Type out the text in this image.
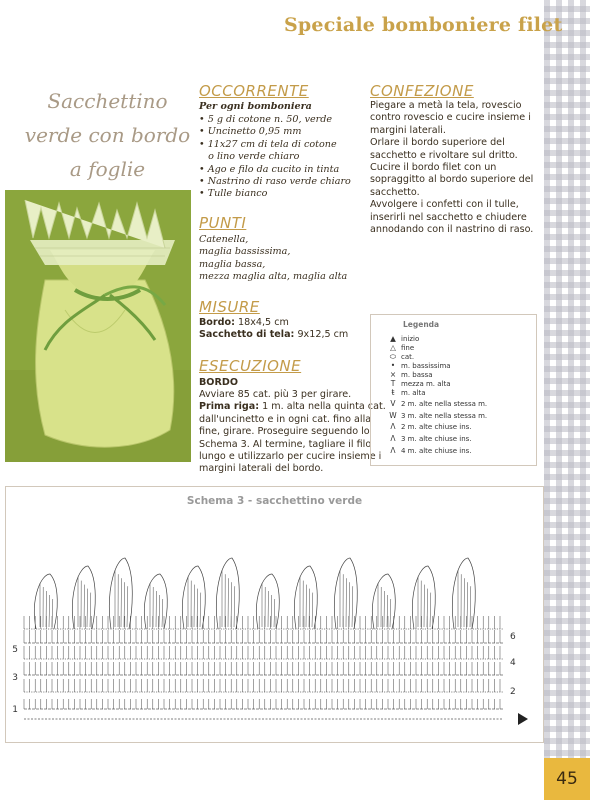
45
Speciale bomboniere filet
Sacchettino
verde con bordo
a foglie
OCCORRENTE
Per ogni bomboniera
• 5 g di cotone n. 50, verde
• Uncinetto 0,95 mm
• 11x27 cm di tela di cotone
o lino verde chiaro
• Ago e filo da cucito in tinta
• Nastrino di raso verde chiaro
• Tulle bianco
PUNTI
Catenella,
maglia bassissima,
maglia bassa,
mezza maglia alta, maglia alta
MISURE
Bordo: 18x4,5 cm
Sacchetto di tela: 9x12,5 cm
ESECUZIONE
BORDO
Avviare 85 cat. più 3 per girare.
Prima riga: 1 m. alta nella quinta cat.
dall'uncinetto e in ogni cat. fino alla
fine, girare. Proseguire seguendo lo
Schema 3. Al termine, tagliare il filo
lungo e utilizzarlo per cucire insieme i
margini laterali del bordo.
CONFEZIONE
Piegare a metà la tela, rovescio
contro rovescio e cucire insieme i
margini laterali.
Orlare il bordo superiore del
sacchetto e rivoltare sul dritto.
Cucire il bordo filet con un
sopraggitto al bordo superiore del
sacchetto.
Avvolgere i confetti con il tulle,
inserirli nel sacchetto e chiudere
annodando con il nastrino di raso.
Legenda
▲ inizio
△ fine
⬭ cat.
• m. bassissima
× m. bassa
T mezza m. alta
ŧ m. alta
V 2 m. alte nella stessa m.
W 3 m. alte nella stessa m.
Λ 2 m. alte chiuse ins.
Λ 3 m. alte chiuse ins.
Λ 4 m. alte chiuse ins.
Schema 3 - sacchettino verde
5
3
1
6
4
2
